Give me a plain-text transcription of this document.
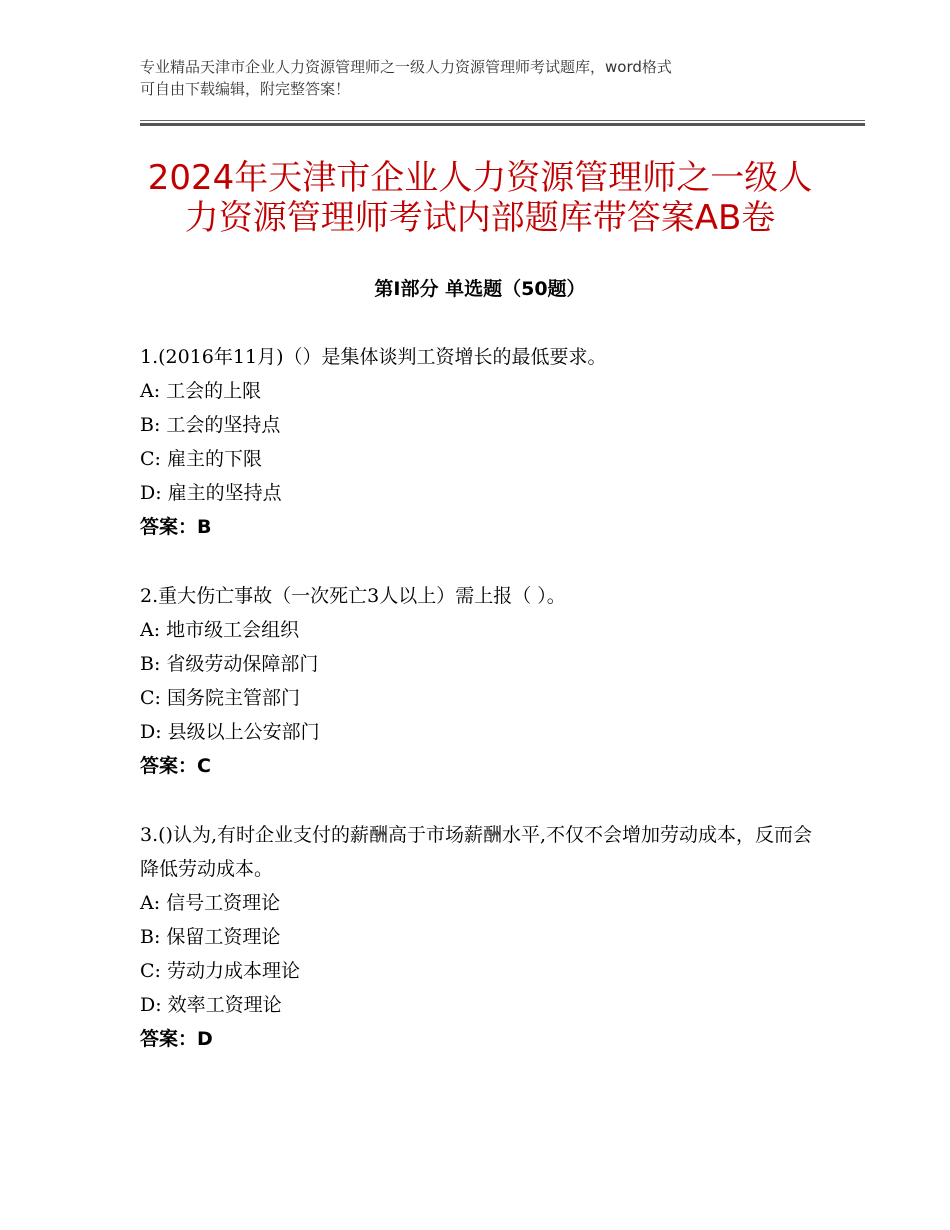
专业精品天津市企业人力资源管理师之一级人力资源管理师考试题库，word格式
可自由下载编辑，附完整答案！
2024年天津市企业人力资源管理师之一级人
力资源管理师考试内部题库带答案AB卷
第Ⅰ部分 单选题（50题）
1.(2016年11月)（）是集体谈判工资增长的最低要求。
A: 工会的上限
B: 工会的坚持点
C: 雇主的下限
D: 雇主的坚持点
答案：B
2.重大伤亡事故（一次死亡3人以上）需上报（ ）。
A: 地市级工会组织
B: 省级劳动保障部门
C: 国务院主管部门
D: 县级以上公安部门
答案：C
3.()认为,有时企业支付的薪酬高于市场薪酬水平,不仅不会增加劳动成本，反而会降低劳动成本。
A: 信号工资理论
B: 保留工资理论
C: 劳动力成本理论
D: 效率工资理论
答案：D
